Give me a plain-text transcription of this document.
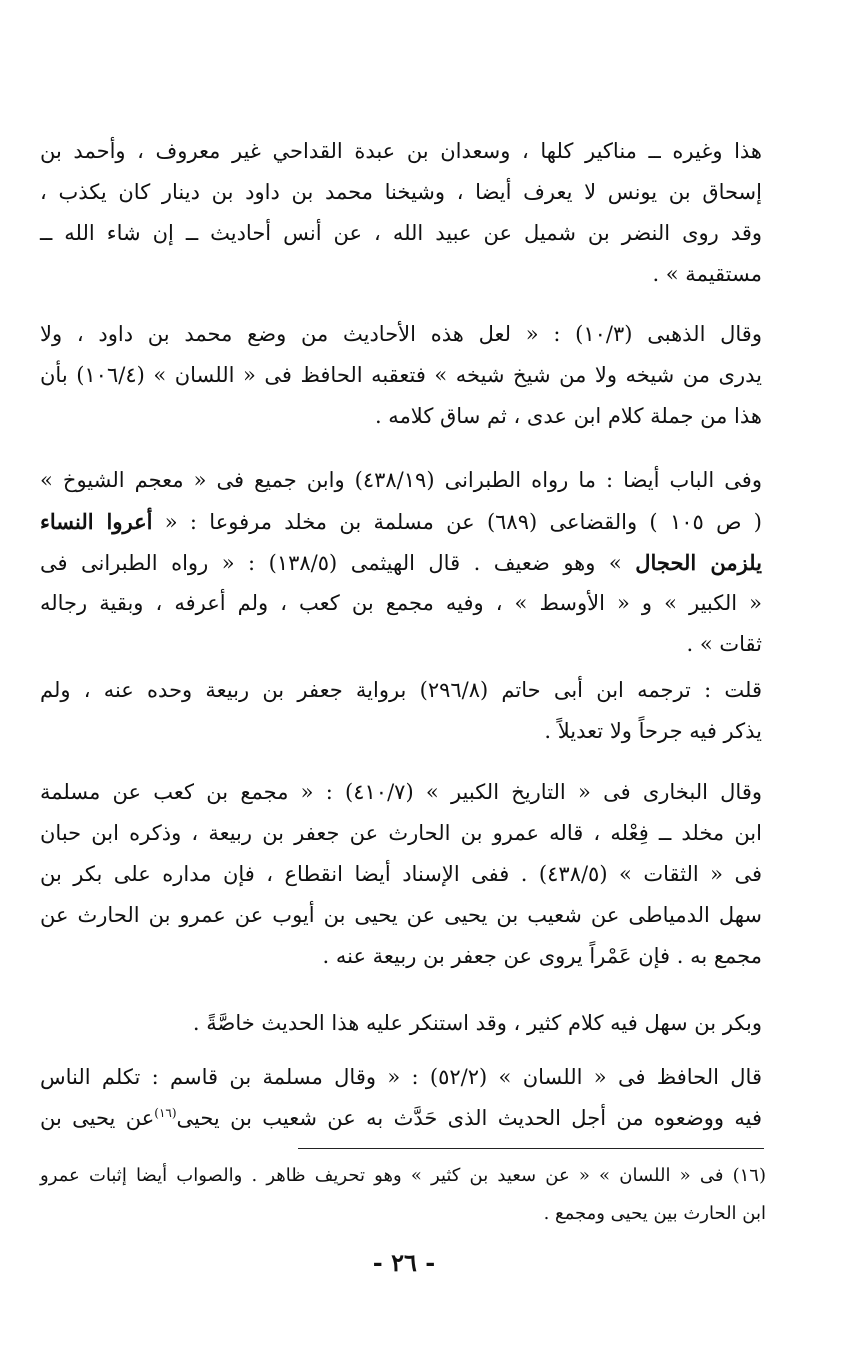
هذا وغيره ــ مناكير كلها ، وسعدان بن عبدة القداحي غير معروف ، وأحمد بن
إسحاق بن يونس لا يعرف أيضا ، وشيخنا محمد بن داود بن دينار كان يكذب ،
وقد روى النضر بن شميل عن عبيد الله ، عن أنس أحاديث ــ إن شاء الله ــ
مستقيمة » .
وقال الذهبى (١٠/٣) : « لعل هذه الأحاديث من وضع محمد بن داود ، ولا
يدرى من شيخه ولا من شيخ شيخه » فتعقبه الحافظ فى « اللسان » (١٠٦/٤) بأن
هذا من جملة كلام ابن عدى ، ثم ساق كلامه .
وفى الباب أيضا : ما رواه الطبرانى (٤٣٨/١٩) وابن جميع فى « معجم الشيوخ »
( ص ١٠٥ ) والقضاعى (٦٨٩) عن مسلمة بن مخلد مرفوعا : « أعروا النساء
يلزمن الحجال » وهو ضعيف . قال الهيثمى (١٣٨/٥) : « رواه الطبرانى فى
« الكبير » و « الأوسط » ، وفيه مجمع بن كعب ، ولم أعرفه ، وبقية رجاله
ثقات » .
قلت : ترجمه ابن أبى حاتم (٢٩٦/٨) برواية جعفر بن ربيعة وحده عنه ، ولم
يذكر فيه جرحاً ولا تعديلاً .
وقال البخارى فى « التاريخ الكبير » (٤١٠/٧) : « مجمع بن كعب عن مسلمة
ابن مخلد ــ فِعْله ، قاله عمرو بن الحارث عن جعفر بن ربيعة ، وذكره ابن حبان
فى « الثقات » (٤٣٨/٥) . ففى الإسناد أيضا انقطاع ، فإن مداره على بكر بن
سهل الدمياطى عن شعيب بن يحيى عن يحيى بن أيوب عن عمرو بن الحارث عن
مجمع به . فإن عَمْراً يروى عن جعفر بن ربيعة عنه .
وبكر بن سهل فيه كلام كثير ، وقد استنكر عليه هذا الحديث خاصَّةً .
قال الحافظ فى « اللسان » (٥٢/٢) : « وقال مسلمة بن قاسم : تكلم الناس
فيه ووضعوه من أجل الحديث الذى حَدَّث به عن شعيب بن يحيى$^{(١٦)}$عن يحيى بن
(١٦) فى « اللسان » « عن سعيد بن كثير » وهو تحريف ظاهر . والصواب أيضا إثبات عمرو
ابن الحارث بين يحيى ومجمع .
- ٢٦ -
